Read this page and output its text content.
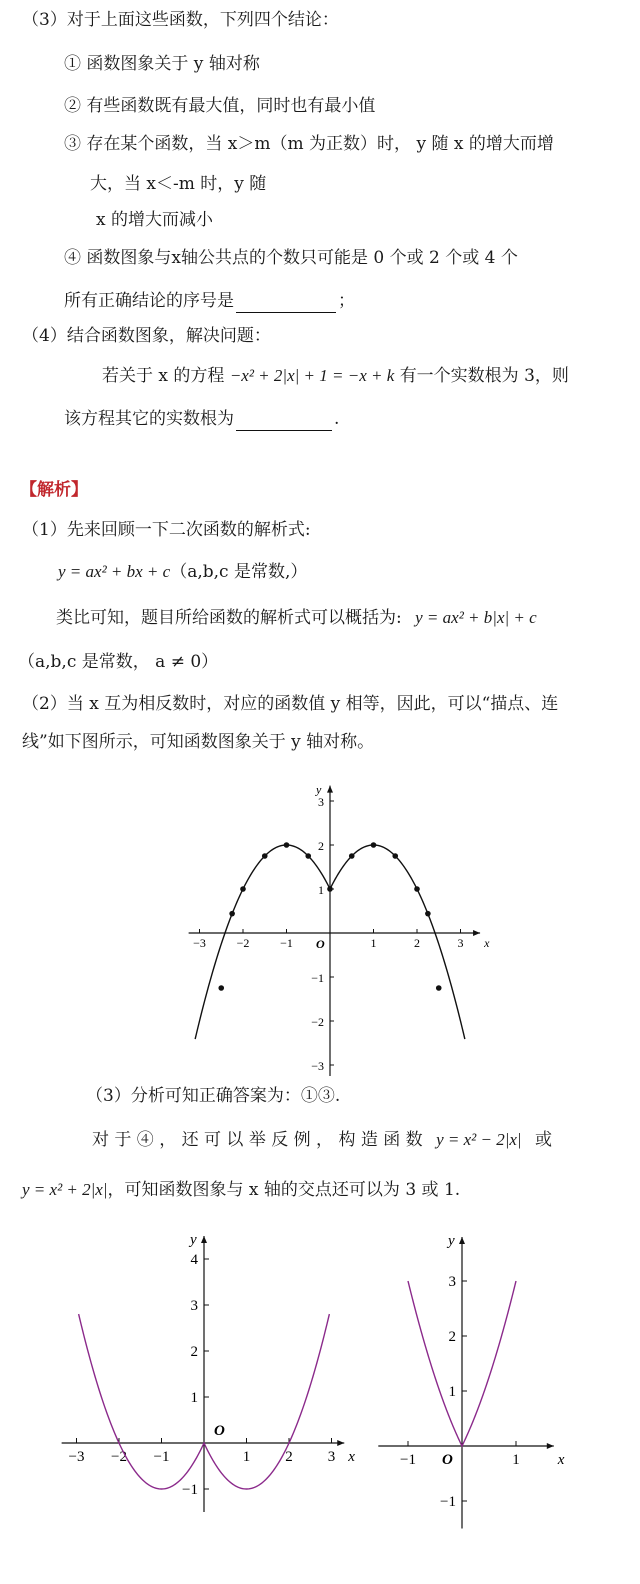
（3）对于上面这些函数，下列四个结论：
① 函数图象关于 y 轴对称
② 有些函数既有最大值，同时也有最小值
③ 存在某个函数，当 x＞m（m 为正数）时， y 随 x 的增大而增
大，当 x＜-m 时，y 随
x 的增大而减小
④ 函数图象与x轴公共点的个数只可能是 0 个或 2 个或 4 个
所有正确结论的序号是	；
（4）结合函数图象，解决问题：
若关于 x 的方程 −x² + 2|x| + 1 = −x + k 有一个实数根为 3，则
该方程其它的实数根为	.
【解析】
（1）先来回顾一下二次函数的解析式:
y = ax² + bx + c（a,b,c 是常数,）
类比可知，题目所给函数的解析式可以概括为: y = ax² + b|x| + c
（a,b,c 是常数， a ≠ 0）
（2）当 x 互为相反数时，对应的函数值 y 相等，因此，可以“描点、连
线”如下图所示，可知函数图象关于 y 轴对称。
−3	−2	−1	1	2	3
3
2
1
−1
−2
−3
x
y
O
−3 −2 −1	1 2 3
4
3
2
1
−1
x
y
O
−1	1
3
2
1
−1
x
y
O
（3）分析可知正确答案为：①③.
对 于 ④ ， 还 可 以 举 反 例 ， 构 造 函 数 y = x² − 2|x| 或
y = x² + 2|x|，可知函数图象与 x 轴的交点还可以为 3 或 1.
